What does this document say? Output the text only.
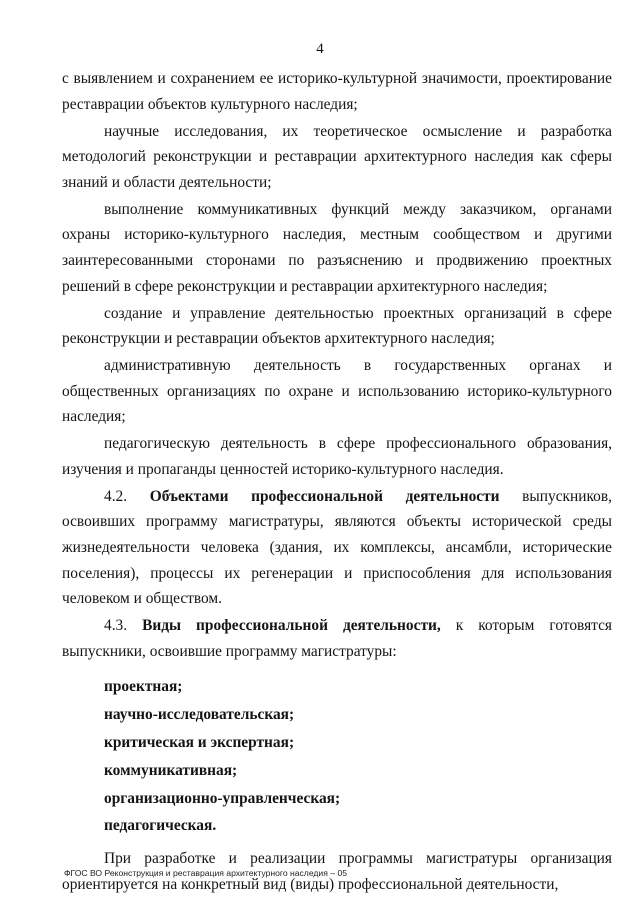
4

с выявлением и сохранением ее историко-культурной значимости, проектирование реставрации объектов культурного наследия;

научные исследования, их теоретическое осмысление и разработка методологий реконструкции и реставрации архитектурного наследия как сферы знаний и области деятельности;

выполнение коммуникативных функций между заказчиком, органами охраны историко-культурного наследия, местным сообществом и другими заинтересованными сторонами по разъяснению и продвижению проектных решений в сфере реконструкции и реставрации архитектурного наследия;

создание и управление деятельностью проектных организаций в сфере реконструкции и реставрации объектов архитектурного наследия;

административную деятельность в государственных органах и общественных организациях по охране и использованию историко-культурного наследия;

педагогическую деятельность в сфере профессионального образования, изучения и пропаганды ценностей историко-культурного наследия.

4.2. Объектами профессиональной деятельности выпускников, освоивших программу магистратуры, являются объекты исторической среды жизнедеятельности человека (здания, их комплексы, ансамбли, исторические поселения), процессы их регенерации и приспособления для использования человеком и обществом.

4.3. Виды профессиональной деятельности, к которым готовятся выпускники, освоившие программу магистратуры:

проектная;
научно-исследовательская;
критическая и экспертная;
коммуникативная;
организационно-управленческая;
педагогическая.

При разработке и реализации программы магистратуры организация ориентируется на конкретный вид (виды) профессиональной деятельности,

ФГОС ВО Реконструкция и реставрация архитектурного наследия – 05
